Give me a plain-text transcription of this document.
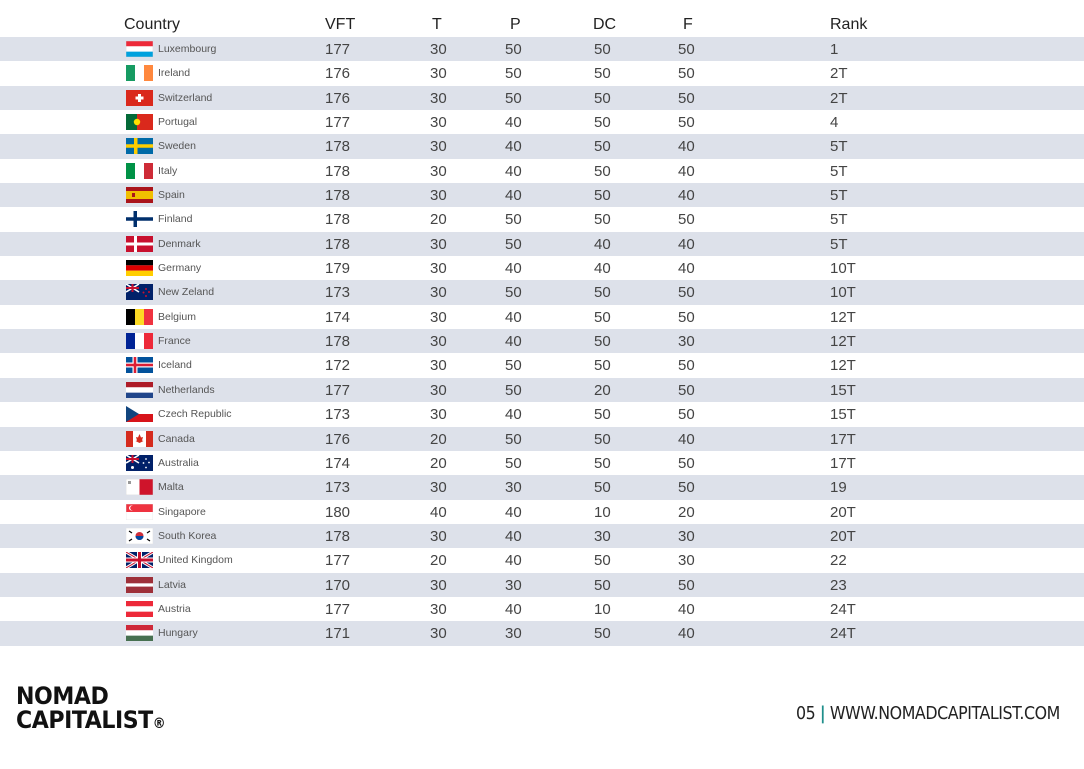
Country	VFT	T	P	DC	F	Rank
Luxembourg	177	30	50	50	50	1
Ireland	176	30	50	50	50	2T
Switzerland	176	30	50	50	50	2T
Portugal	177	30	40	50	50	4
Sweden	178	30	40	50	40	5T
Italy	178	30	40	50	40	5T
Spain	178	30	40	50	40	5T
Finland	178	20	50	50	50	5T
Denmark	178	30	50	40	40	5T
Germany	179	30	40	40	40	10T
New Zeland	173	30	50	50	50	10T
Belgium	174	30	40	50	50	12T
France	178	30	40	50	30	12T
Iceland	172	30	50	50	50	12T
Netherlands	177	30	50	20	50	15T
Czech Republic	173	30	40	50	50	15T
Canada	176	20	50	50	40	17T
Australia	174	20	50	50	50	17T
Malta	173	30	30	50	50	19
Singapore	180	40	40	10	20	20T
South Korea	178	30	40	30	30	20T
United Kingdom	177	20	40	50	30	22
Latvia	170	30	30	50	50	23
Austria	177	30	40	10	40	24T
Hungary	171	30	30	50	40	24T
NOMAD
CAPITALIST®	05 | WWW.NOMADCAPITALIST.COM
